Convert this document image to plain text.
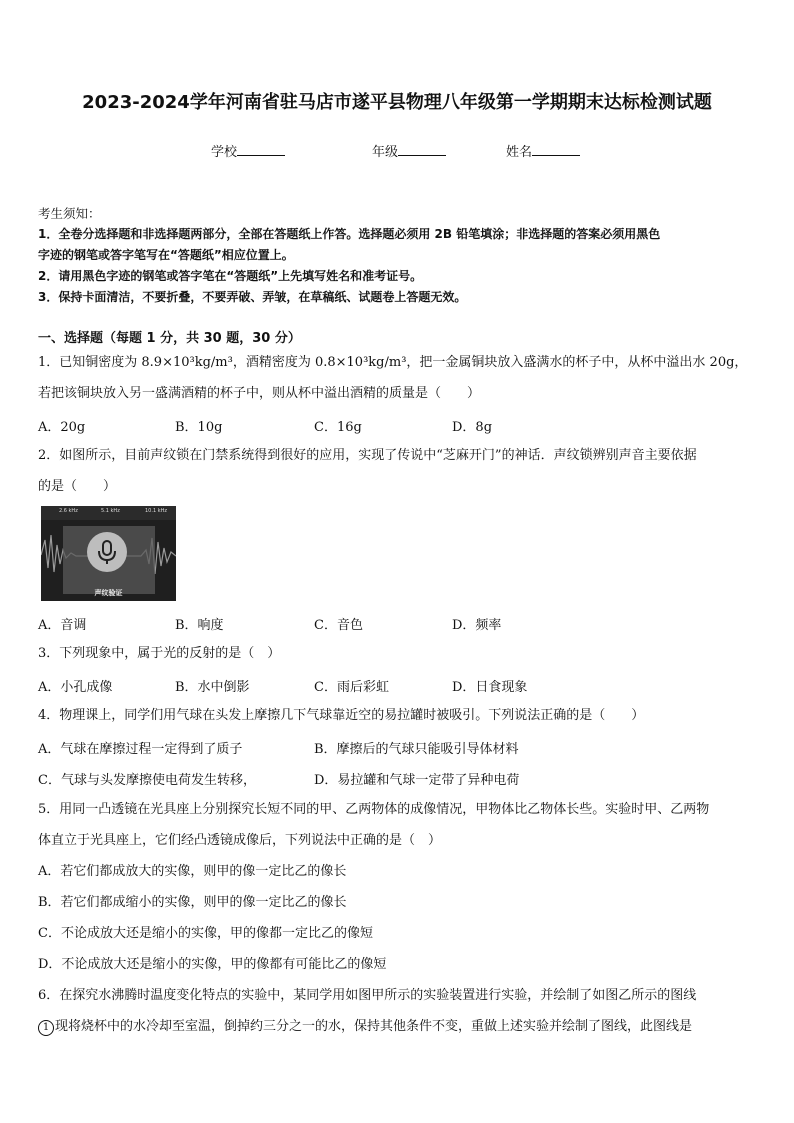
2023-2024学年河南省驻马店市遂平县物理八年级第一学期期末达标检测试题
学校	年级	姓名
考生须知：
1．全卷分选择题和非选择题两部分，全部在答题纸上作答。选择题必须用 2B 铅笔填涂；非选择题的答案必须用黑色
字迹的钢笔或答字笔写在“答题纸”相应位置上。
2．请用黑色字迹的钢笔或答字笔在“答题纸”上先填写姓名和准考证号。
3．保持卡面清洁，不要折叠，不要弄破、弄皱，在草稿纸、试题卷上答题无效。
一、选择题（每题 1 分，共 30 题，30 分）
1．已知铜密度为 8.9×10³kg/m³，酒精密度为 0.8×10³kg/m³，把一金属铜块放入盛满水的杯子中，从杯中溢出水 20g，
若把该铜块放入另一盛满酒精的杯子中，则从杯中溢出酒精的质量是（　　）
A．20g	B．10g	C．16g	D．8g
2．如图所示，目前声纹锁在门禁系统得到很好的应用，实现了传说中“芝麻开门”的神话．声纹锁辨别声音主要依据
的是（　　）
2.6 kHz	5.1 kHz	10.1 kHz
声纹验证
A．音调	B．响度	C．音色	D．频率
3．下列现象中，属于光的反射的是（　）
A．小孔成像	B．水中倒影	C．雨后彩虹	D．日食现象
4．物理课上，同学们用气球在头发上摩擦几下气球靠近空的易拉罐时被吸引。下列说法正确的是（　　）
A．气球在摩擦过程一定得到了质子	B．摩擦后的气球只能吸引导体材料
C．气球与头发摩擦使电荷发生转移，	D．易拉罐和气球一定带了异种电荷
5．用同一凸透镜在光具座上分别探究长短不同的甲、乙两物体的成像情况，甲物体比乙物体长些。实验时甲、乙两物
体直立于光具座上，它们经凸透镜成像后，下列说法中正确的是（　）
A．若它们都成放大的实像，则甲的像一定比乙的像长
B．若它们都成缩小的实像，则甲的像一定比乙的像长
C．不论成放大还是缩小的实像，甲的像都一定比乙的像短
D．不论成放大还是缩小的实像，甲的像都有可能比乙的像短
6．在探究水沸腾时温度变化特点的实验中，某同学用如图甲所示的实验装置进行实验，并绘制了如图乙所示的图线
1 现将烧杯中的水冷却至室温，倒掉约三分之一的水，保持其他条件不变，重做上述实验并绘制了图线，此图线是
